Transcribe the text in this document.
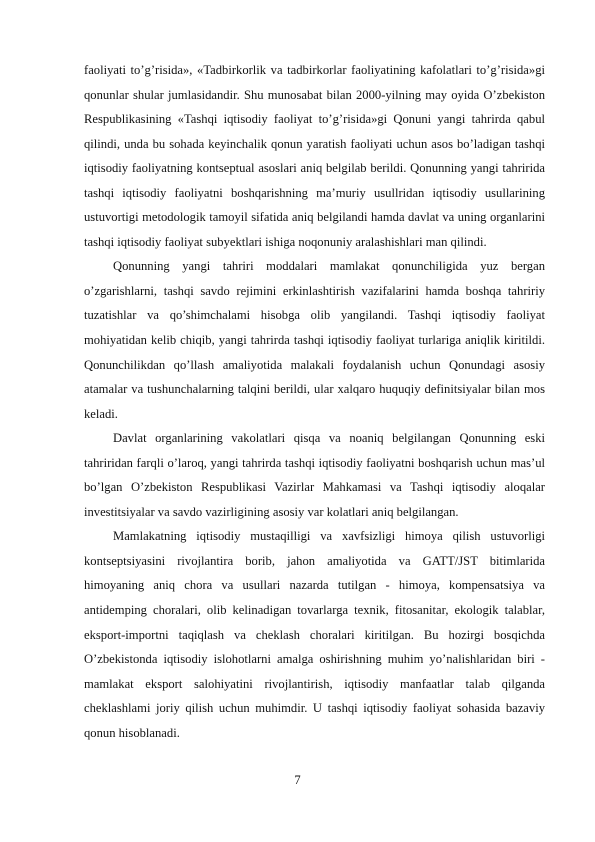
faoliyati to’g’risida», «Tadbirkorlik va tadbirkorlar faoliyatining kafolatlari to’g’risida»gi qonunlar shular jumlasidandir. Shu munosabat bilan 2000-yilning may oyida O’zbekiston Respublikasining «Tashqi iqtisodiy faoliyat to’g’risida»gi Qonuni yangi tahrirda qabul qilindi, unda bu sohada keyinchalik qonun yaratish faoliyati uchun asos bo’ladigan tashqi iqtisodiy faoliyatning kontseptual asoslari aniq belgilab berildi. Qonunning yangi tahririda tashqi iqtisodiy faoliyatni boshqarishning ma’muriy usullridan iqtisodiy usullarining ustuvortigi metodologik tamoyil sifatida aniq belgilandi hamda davlat va uning organlarini tashqi iqtisodiy faoliyat subyektlari ishiga noqonuniy aralashishlari man qilindi.

Qonunning yangi tahriri moddalari mamlakat qonunchiligida yuz bergan o’zgarishlarni, tashqi savdo rejimini erkinlashtirish vazifalarini hamda boshqa tahririy tuzatishlar va qo’shimchalami hisobga olib yangilandi. Tashqi iqtisodiy faoliyat mohiyatidan kelib chiqib, yangi tahrirda tashqi iqtisodiy faoliyat turlariga aniqlik kiritildi. Qonunchilikdan qo’llash amaliyotida malakali foydalanish uchun Qonundagi asosiy atamalar va tushunchalarning talqini berildi, ular xalqaro huquqiy definitsiyalar bilan mos keladi.

Davlat organlarining vakolatlari qisqa va noaniq belgilangan Qonunning eski tahriridan farqli o’laroq, yangi tahrirda tashqi iqtisodiy faoliyatni boshqarish uchun mas’ul bo’lgan O’zbekiston Respublikasi Vazirlar Mahkamasi va Tashqi iqtisodiy aloqalar investitsiyalar va savdo vazirligining asosiy var kolatlari aniq belgilangan.

Mamlakatning iqtisodiy mustaqilligi va xavfsizligi himoya qilish ustuvorligi kontseptsiyasini rivojlantira borib, jahon amaliyotida va GATT/JST bitimlarida himoyaning aniq chora va usullari nazarda tutilgan - himoya, kompensatsiya va antidemping choralari, olib kelinadigan tovarlarga texnik, fitosanitar, ekologik talablar, eksport-importni taqiqlash va cheklash choralari kiritilgan. Bu hozirgi bosqichda O’zbekistonda iqtisodiy islohotlarni amalga oshirishning muhim yo’nalishlaridan biri - mamlakat eksport salohiyatini rivojlantirish, iqtisodiy manfaatlar talab qilganda cheklashlami joriy qilish uchun muhimdir. U tashqi iqtisodiy faoliyat sohasida bazaviy qonun hisoblanadi.

7
